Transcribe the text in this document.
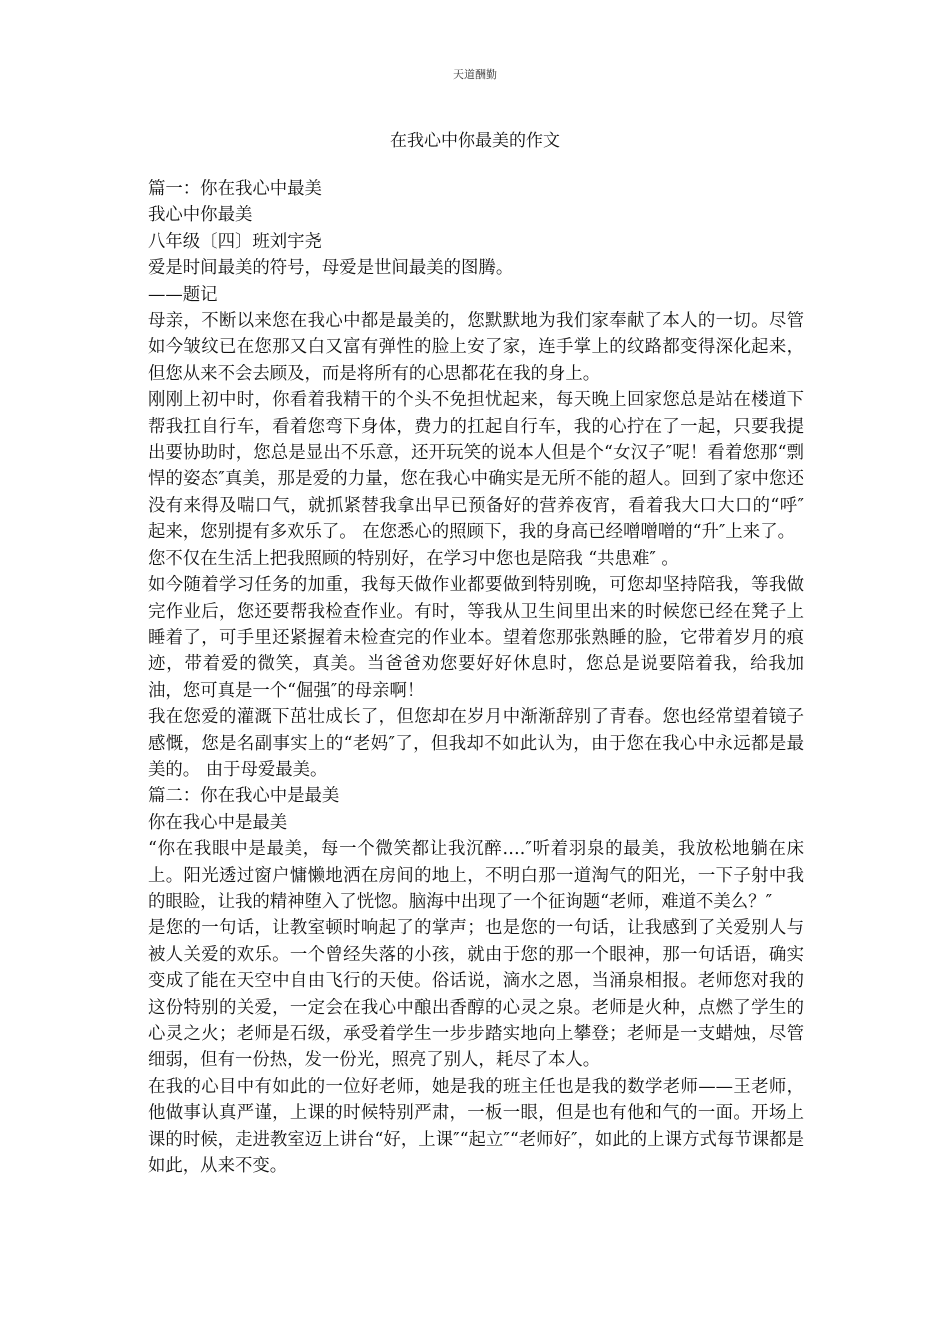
天道酬勤
在我心中你最美的作文

篇一：你在我心中最美

我心中你最美

八年级〔四〕班刘宇尧

爱是时间最美的符号，母爱是世间最美的图腾。

——题记

母亲，不断以来您在我心中都是最美的，您默默地为我们家奉献了本人的一切。尽管如今皱纹已在您那又白又富有弹性的脸上安了家，连手掌上的纹路都变得深化起来，但您从来不会去顾及，而是将所有的心思都花在我的身上。

刚刚上初中时，你看着我精干的个头不免担忧起来，每天晚上回家您总是站在楼道下帮我扛自行车，看着您弯下身体，费力的扛起自行车，我的心拧在了一起，只要我提出要协助时，您总是显出不乐意，还开玩笑的说本人但是个“女汉子″呢！看着您那“剽悍的姿态″真美，那是爱的力量，您在我心中确实是无所不能的超人。回到了家中您还没有来得及喘口气，就抓紧替我拿出早已预备好的营养夜宵，看着我大口大口的“呼″起来，您别提有多欢乐了。 在您悉心的照顾下，我的身高已经噌噌噌的“升″上来了。

您不仅在生活上把我照顾的特别好，在学习中您也是陪我 “共患难″ 。

如今随着学习任务的加重，我每天做作业都要做到特别晚，可您却坚持陪我，等我做完作业后，您还要帮我检查作业。有时，等我从卫生间里出来的时候您已经在凳子上睡着了，可手里还紧握着未检查完的作业本。望着您那张熟睡的脸，它带着岁月的痕迹，带着爱的微笑，真美。当爸爸劝您要好好休息时，您总是说要陪着我，给我加油，您可真是一个“倔强″的母亲啊！

我在您爱的灌溉下茁壮成长了，但您却在岁月中渐渐辞别了青春。您也经常望着镜子感慨，您是名副事实上的“老妈″了，但我却不如此认为，由于您在我心中永远都是最美的。 由于母爱最美。

篇二：你在我心中是最美

你在我心中是最美

“你在我眼中是最美，每一个微笑都让我沉醉….″听着羽泉的最美，我放松地躺在床上。阳光透过窗户慵懒地洒在房间的地上，不明白那一道淘气的阳光，一下子射中我的眼睑，让我的精神堕入了恍惚。脑海中出现了一个征询题“老师，难道不美么？″

是您的一句话，让教室顿时响起了的掌声；也是您的一句话，让我感到了关爱别人与被人关爱的欢乐。一个曾经失落的小孩，就由于您的那一个眼神，那一句话语，确实变成了能在天空中自由飞行的天使。俗话说，滴水之恩，当涌泉相报。老师您对我的这份特别的关爱，一定会在我心中酿出香醇的心灵之泉。老师是火种，点燃了学生的心灵之火；老师是石级，承受着学生一步步踏实地向上攀登；老师是一支蜡烛，尽管细弱，但有一份热，发一份光，照亮了别人，耗尽了本人。

在我的心目中有如此的一位好老师，她是我的班主任也是我的数学老师——王老师，他做事认真严谨，上课的时候特别严肃，一板一眼，但是也有他和气的一面。开场上课的时候，走进教室迈上讲台“好，上课″“起立″“老师好″，如此的上课方式每节课都是如此，从来不变。
